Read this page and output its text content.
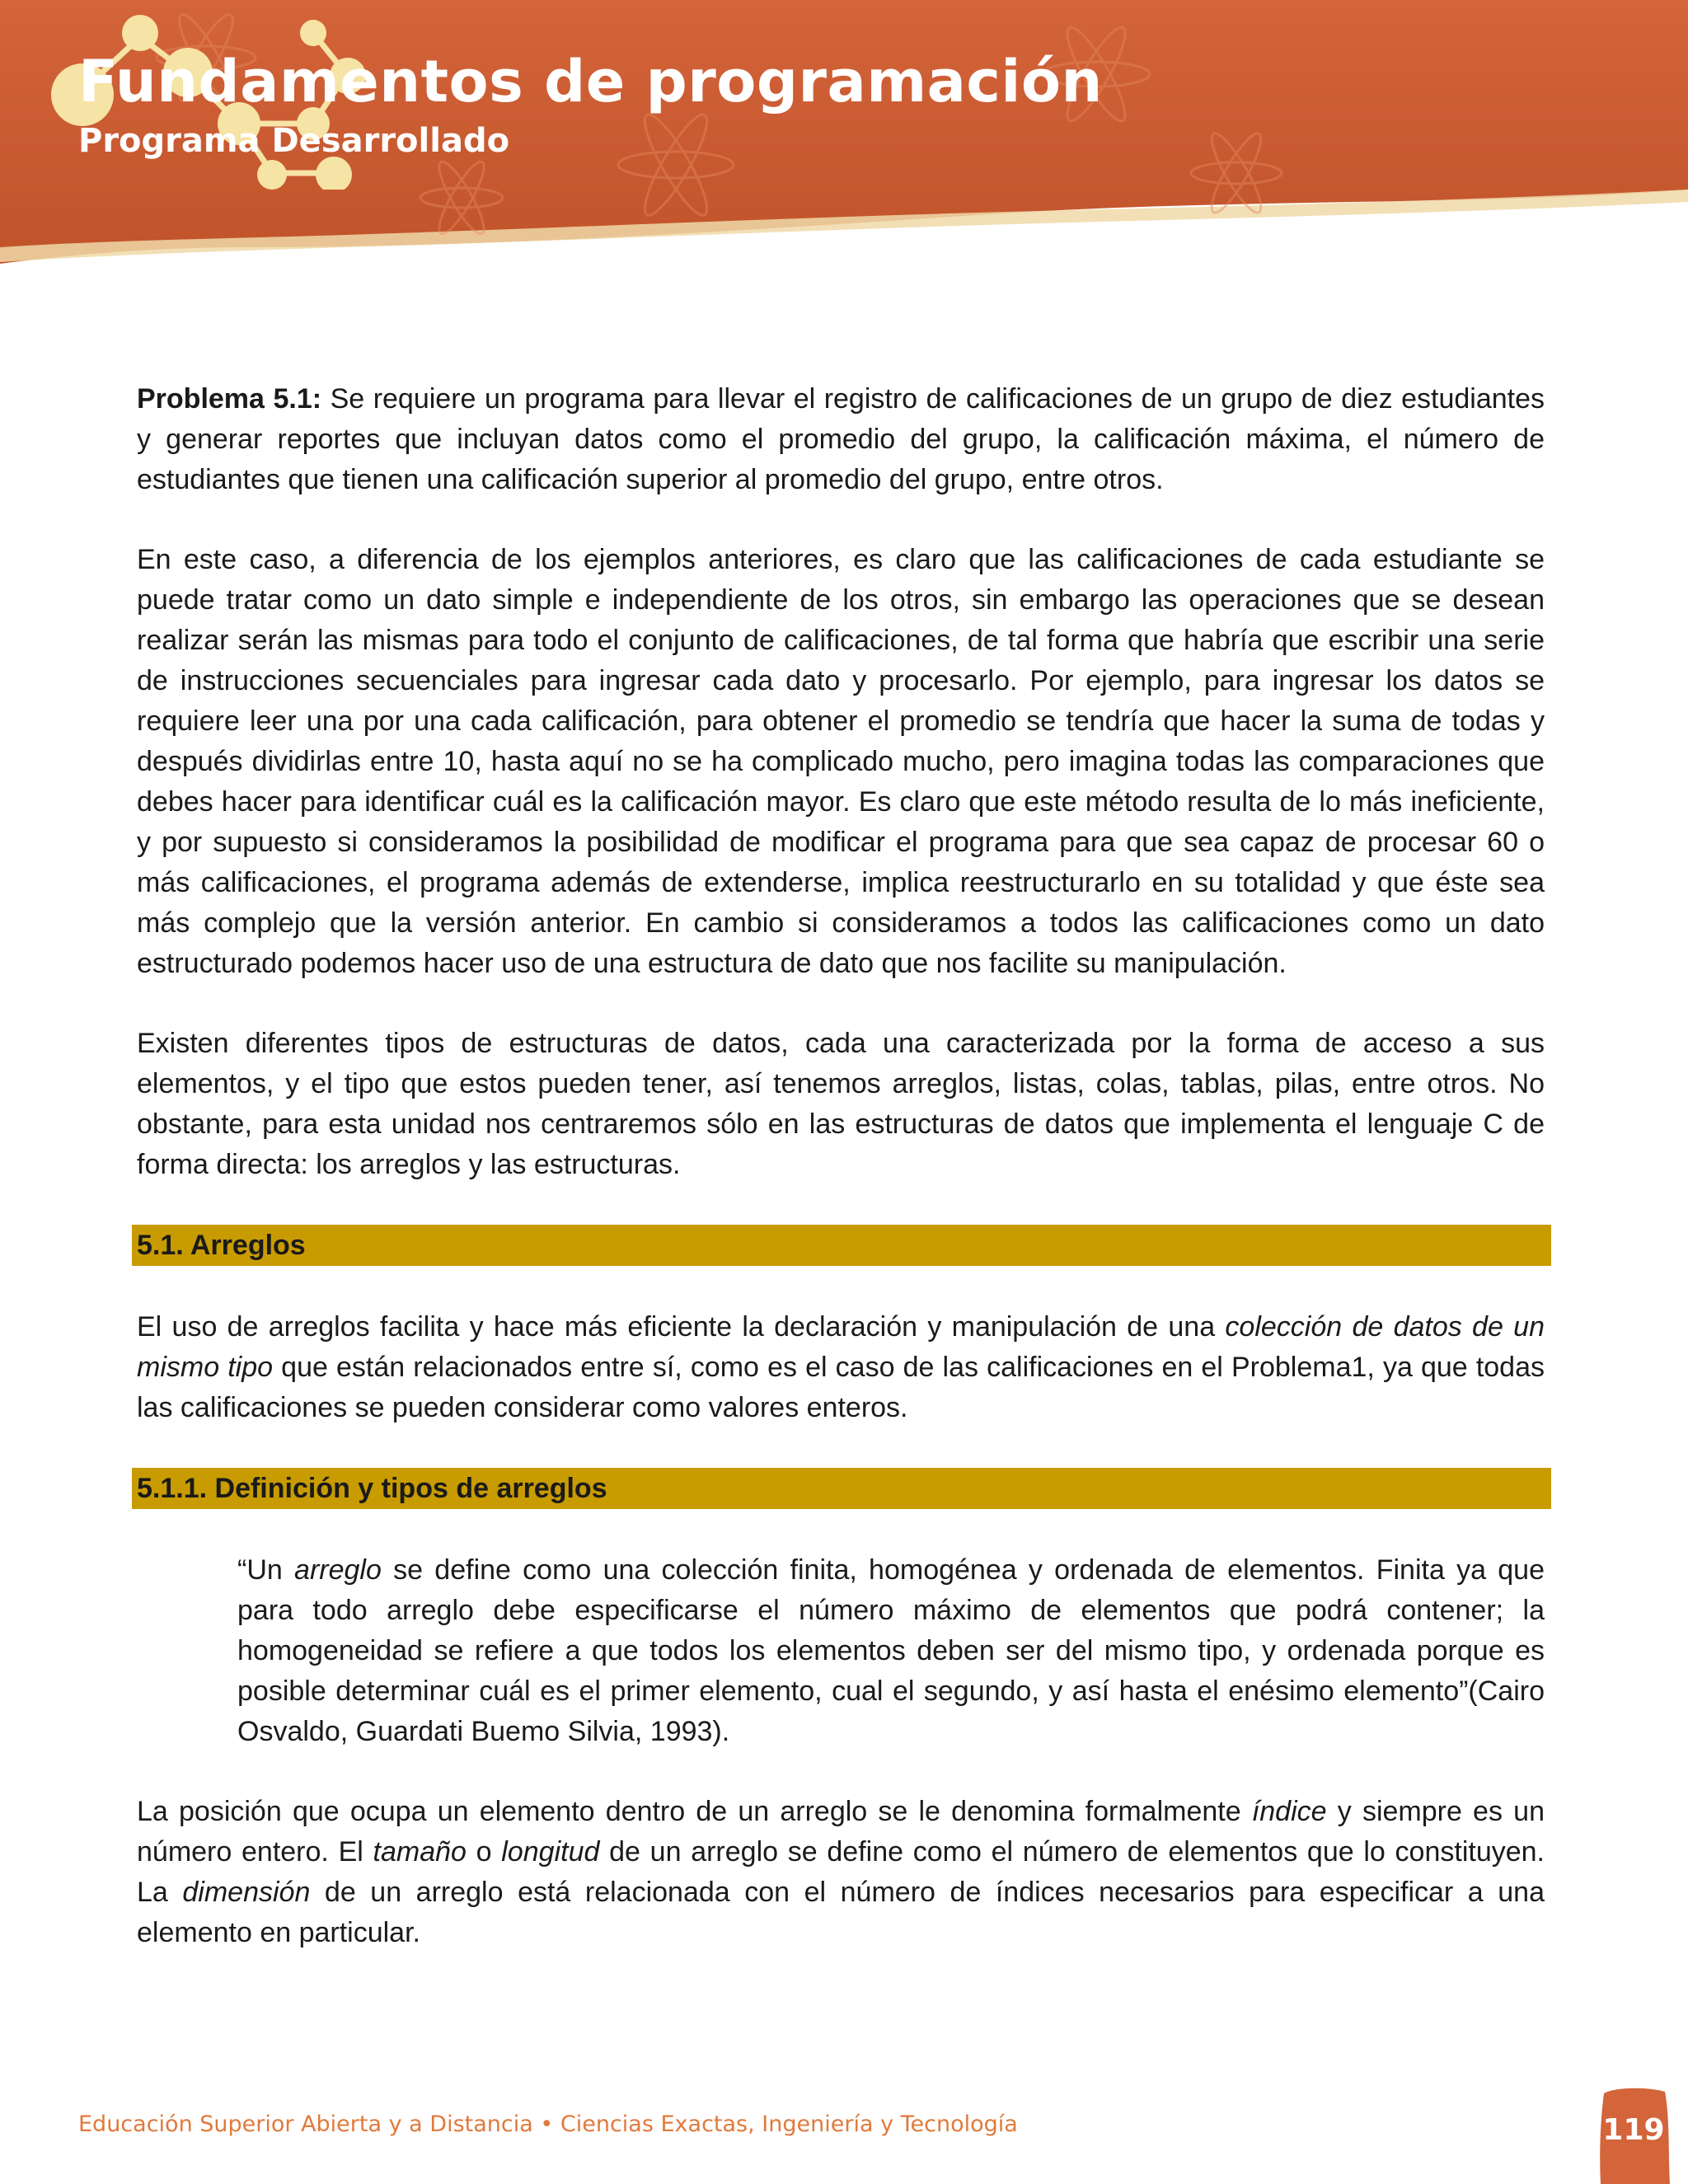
Fundamentos de programación
Programa Desarrollado

Problema 5.1: Se requiere un programa para llevar el registro de calificaciones de un grupo de diez estudiantes y generar reportes que incluyan datos como el promedio del grupo, la calificación máxima, el número de estudiantes que tienen una calificación superior al promedio del grupo, entre otros.

En este caso, a diferencia de los ejemplos anteriores, es claro que las calificaciones de cada estudiante se puede tratar como un dato simple e independiente de los otros, sin embargo las operaciones que se desean realizar serán las mismas para todo el conjunto de calificaciones, de tal forma que habría que escribir una serie de instrucciones secuenciales para ingresar cada dato y procesarlo. Por ejemplo, para ingresar los datos se requiere leer una por una cada calificación, para obtener el promedio se tendría que hacer la suma de todas y después dividirlas entre 10, hasta aquí no se ha complicado mucho, pero imagina todas las comparaciones que debes hacer para identificar cuál es la calificación mayor. Es claro que este método resulta de lo más ineficiente, y por supuesto si consideramos la posibilidad de modificar el programa para que sea capaz de procesar 60 o más calificaciones, el programa además de extenderse, implica reestructurarlo en su totalidad y que éste sea más complejo que la versión anterior. En cambio si consideramos a todos las calificaciones como un dato estructurado podemos hacer uso de una estructura de dato que nos facilite su manipulación.

Existen diferentes tipos de estructuras de datos, cada una caracterizada por la forma de acceso a sus elementos, y el tipo que estos pueden tener, así tenemos arreglos, listas, colas, tablas, pilas, entre otros. No obstante, para esta unidad nos centraremos sólo en las estructuras de datos que implementa el lenguaje C de forma directa: los arreglos y las estructuras.

5.1. Arreglos

El uso de arreglos facilita y hace más eficiente la declaración y manipulación de una colección de datos de un mismo tipo que están relacionados entre sí, como es el caso de las calificaciones en el Problema1, ya que todas las calificaciones se pueden considerar como valores enteros.

5.1.1. Definición y tipos de arreglos

“Un arreglo se define como una colección finita, homogénea y ordenada de elementos. Finita ya que para todo arreglo debe especificarse el número máximo de elementos que podrá contener; la homogeneidad se refiere a que todos los elementos deben ser del mismo tipo, y ordenada porque es posible determinar cuál es el primer elemento, cual el segundo, y así hasta el enésimo elemento”(Cairo Osvaldo, Guardati Buemo Silvia, 1993).

La posición que ocupa un elemento dentro de un arreglo se le denomina formalmente índice y siempre es un número entero. El tamaño o longitud de un arreglo se define como el número de elementos que lo constituyen. La dimensión de un arreglo está relacionada con el número de índices necesarios para especificar a una elemento en particular.

Educación Superior Abierta y a Distancia • Ciencias Exactas, Ingeniería y Tecnología	119
